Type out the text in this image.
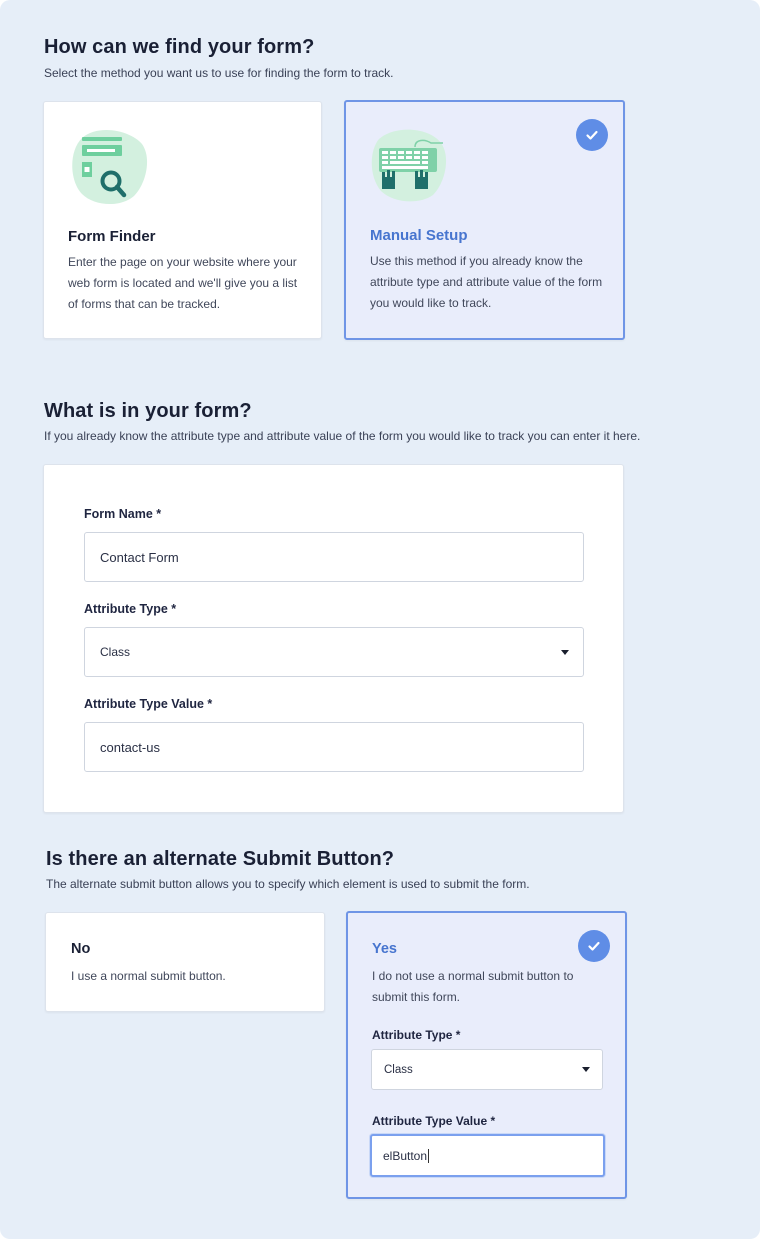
How can we find your form?
Select the method you want us to use for finding the form to track.
Form Finder
Enter the page on your website where your web form is located and we'll give you a list of forms that can be tracked.
Manual Setup
Use this method if you already know the attribute type and attribute value of the form you would like to track.
What is in your form?
If you already know the attribute type and attribute value of the form you would like to track you can enter it here.
Form Name *
Contact Form
Attribute Type *
Class
Attribute Type Value *
contact-us
Is there an alternate Submit Button?
The alternate submit button allows you to specify which element is used to submit the form.
No
I use a normal submit button.
Yes
I do not use a normal submit button to submit this form.
Attribute Type *
Class
Attribute Type Value *
elButton
